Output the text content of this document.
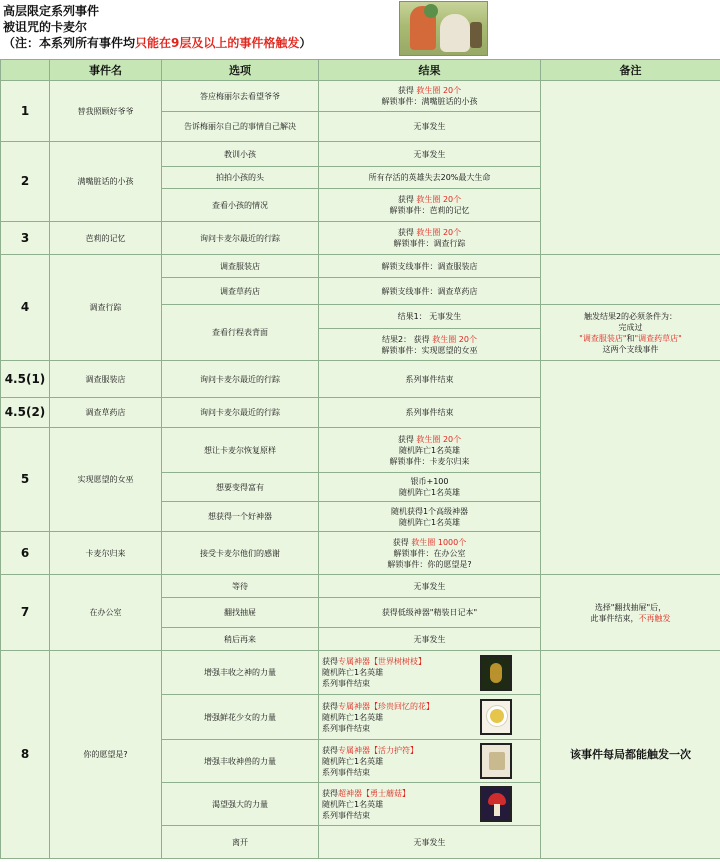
高层限定系列事件
被诅咒的卡麦尔
（注：本系列所有事件均只能在9层及以上的事件格触发）
	事件名	选项	结果	备注
1	替我照顾好爷爷	答应梅丽尔去看望爷爷	获得 救生圈 20个
解锁事件：满嘴脏话的小孩	

		告诉梅丽尔自己的事情自己解决	无事发生	

2	满嘴脏话的小孩	教训小孩	无事发生	

		拍拍小孩的头	所有存活的英雄失去20%最大生命	

		查看小孩的情况	获得 救生圈 20个
解锁事件：芭莉的记忆	

3	芭莉的记忆	询问卡麦尔最近的行踪	获得 救生圈 20个
解锁事件：调查行踪	

4	调查行踪	调查服装店	解锁支线事件：调查服装店	

		调查草药店	解锁支线事件：调查草药店	

		查看行程表背面	结果1： 无事发生	触发结果2的必须条件为：
完成过
"调查服装店"和"调查药草店"
这两个支线事件

			结果2： 获得 救生圈 20个
解锁事件：实现愿望的女巫	

4.5(1)	调查服装店	询问卡麦尔最近的行踪	系列事件结束	

4.5(2)	调查草药店	询问卡麦尔最近的行踪	系列事件结束	

5	实现愿望的女巫	想让卡麦尔恢复原样	获得 救生圈 20个
随机阵亡1名英雄
解锁事件：卡麦尔归来	

		想要变得富有	银币+100
随机阵亡1名英雄	

		想获得一个好神器	随机获得1个高级神器
随机阵亡1名英雄	

6	卡麦尔归来	接受卡麦尔他们的感谢	获得 救生圈 1000个
解锁事件：在办公室
解锁事件：你的愿望是?	

7	在办公室	等待	无事发生	选择"翻找抽屉"后，
此事件结束，不再触发

		翻找抽屉	获得低级神器"精装日记本"	

		稍后再来	无事发生	

8	你的愿望是?	增强丰收之神的力量	获得专属神器【世界树树枝】
随机阵亡1名英雄
系列事件结束	该事件每局都能触发一次
		增强鲜花少女的力量	获得专属神器【珍贵回忆的花】
随机阵亡1名英雄
系列事件结束	

		增强丰收神兽的力量	获得专属神器【活力护符】
随机阵亡1名英雄
系列事件结束	

		渴望强大的力量	获得超神器【勇士蘑菇】
随机阵亡1名英雄
系列事件结束	

		离开	无事发生	
